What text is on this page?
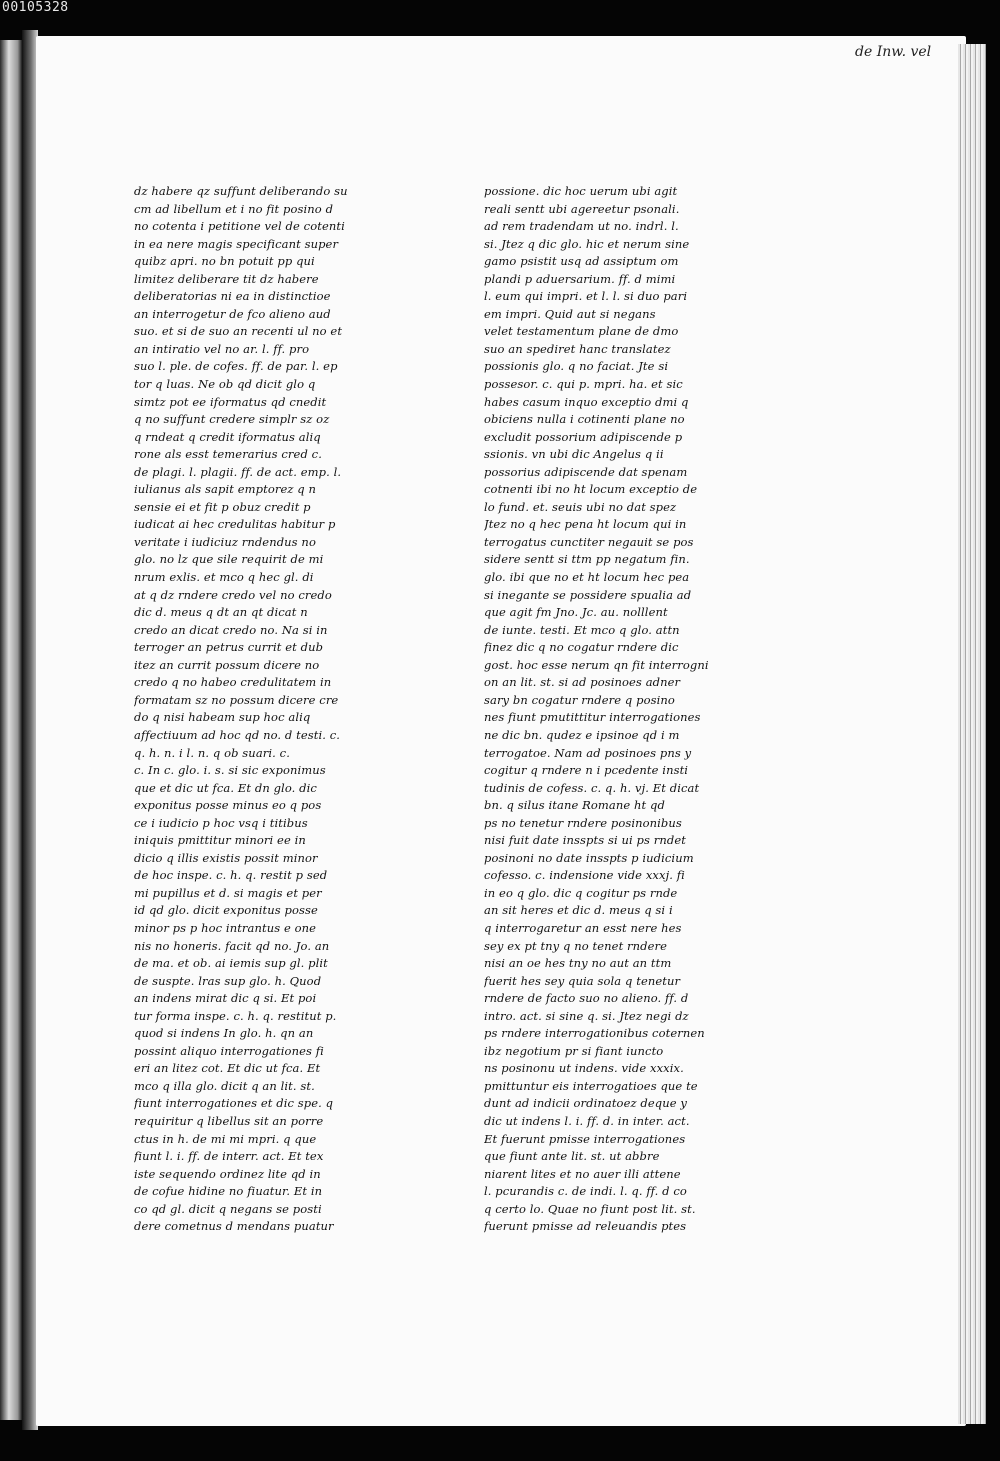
00105328
de Inw. vel
dz habere qz suffunt deliberando su
cm ad libellum et i no fit posino d
no cotenta i petitione vel de cotenti
in ea nere magis specificant super
quibz apri. no bn potuit pp qui
limitez deliberare tit dz habere
deliberatorias ni ea in distinctioe
an interrogetur de fco alieno aud
suo. et si de suo an recenti ul no et
an intiratio vel no ar. l. ff. pro
suo l. ple. de cofes. ff. de par. l. ep
tor q luas. Ne ob qd dicit glo q
simtz pot ee iformatus qd cnedit
q no suffunt credere simplr sz oz
q rndeat q credit iformatus aliq
rone als esst temerarius cred c.
de plagi. l. plagii. ff. de act. emp. l.
iulianus als sapit emptorez q n
sensie ei et fit p obuz credit p
iudicat ai hec credulitas habitur p
veritate i iudiciuz rndendus no
glo. no lz que sile requirit de mi
nrum exlis. et mco q hec gl. di
at q dz rndere credo vel no credo
dic d. meus q dt an qt dicat n
credo an dicat credo no. Na si in
terroger an petrus currit et dub
itez an currit possum dicere no
credo q no habeo credulitatem in
formatam sz no possum dicere cre
do q nisi habeam sup hoc aliq
affectiuum ad hoc qd no. d testi. c.
q. h. n. i l. n. q ob suari. c.
c. In c. glo. i. s. si sic exponimus
que et dic ut fca. Et dn glo. dic
exponitus posse minus eo q pos
ce i iudicio p hoc vsq i titibus
iniquis pmittitur minori ee in
dicio q illis existis possit minor
de hoc inspe. c. h. q. restit p sed
mi pupillus et d. si magis et per
id qd glo. dicit exponitus posse
minor ps p hoc intrantus e one
nis no honeris. facit qd no. Jo. an
de ma. et ob. ai iemis sup gl. plit
de suspte. lras sup glo. h. Quod
an indens mirat dic q si. Et poi
tur forma inspe. c. h. q. restitut p.
quod si indens In glo. h. qn an
possint aliquo interrogationes fi
eri an litez cot. Et dic ut fca. Et
mco q illa glo. dicit q an lit. st.
fiunt interrogationes et dic spe. q
requiritur q libellus sit an porre
ctus in h. de mi mi mpri. q que
fiunt l. i. ff. de interr. act. Et tex
iste sequendo ordinez lite qd in
de cofue hidine no fiuatur. Et in
co qd gl. dicit q negans se posti
dere cometnus d mendans puatur
possione. dic hoc uerum ubi agit
reali sentt ubi agereetur psonali.
ad rem tradendam ut no. indrl. l.
si. Jtez q dic glo. hic et nerum sine
gamo psistit usq ad assiptum om
plandi p aduersarium. ff. d mimi
l. eum qui impri. et l. l. si duo pari
em impri. Quid aut si negans
velet testamentum plane de dmo
suo an spediret hanc translatez
possionis glo. q no faciat. Jte si
possesor. c. qui p. mpri. ha. et sic
habes casum inquo exceptio dmi q
obiciens nulla i cotinenti plane no
excludit possorium adipiscende p
ssionis. vn ubi dic Angelus q ii
possorius adipiscende dat spenam
cotnenti ibi no ht locum exceptio de
lo fund. et. seuis ubi no dat spez
Jtez no q hec pena ht locum qui in
terrogatus cunctiter negauit se pos
sidere sentt si ttm pp negatum fin.
glo. ibi que no et ht locum hec pea
si inegante se possidere spualia ad
que agit fm Jno. Jc. au. nolllent
de iunte. testi. Et mco q glo. attn
finez dic q no cogatur rndere dic
gost. hoc esse nerum qn fit interrogni
on an lit. st. si ad posinoes adner
sary bn cogatur rndere q posino
nes fiunt pmutittitur interrogationes
ne dic bn. qudez e ipsinoe qd i m
terrogatoe. Nam ad posinoes pns y
cogitur q rndere n i pcedente insti
tudinis de cofess. c. q. h. vj. Et dicat
bn. q silus itane Romane ht qd
ps no tenetur rndere posinonibus
nisi fuit date insspts si ui ps rndet
posinoni no date insspts p iudicium
cofesso. c. indensione vide xxxj. fi
in eo q glo. dic q cogitur ps rnde
an sit heres et dic d. meus q si i
q interrogaretur an esst nere hes
sey ex pt tny q no tenet rndere
nisi an oe hes tny no aut an ttm
fuerit hes sey quia sola q tenetur
rndere de facto suo no alieno. ff. d
intro. act. si sine q. si. Jtez negi dz
ps rndere interrogationibus coternen
ibz negotium pr si fiant iuncto
ns posinonu ut indens. vide xxxix.
pmittuntur eis interrogatioes que te
dunt ad indicii ordinatoez deque y
dic ut indens l. i. ff. d. in inter. act.
Et fuerunt pmisse interrogationes
que fiunt ante lit. st. ut abbre
niarent lites et no auer illi attene
l. pcurandis c. de indi. l. q. ff. d co
q certo lo. Quae no fiunt post lit. st.
fuerunt pmisse ad releuandis ptes
